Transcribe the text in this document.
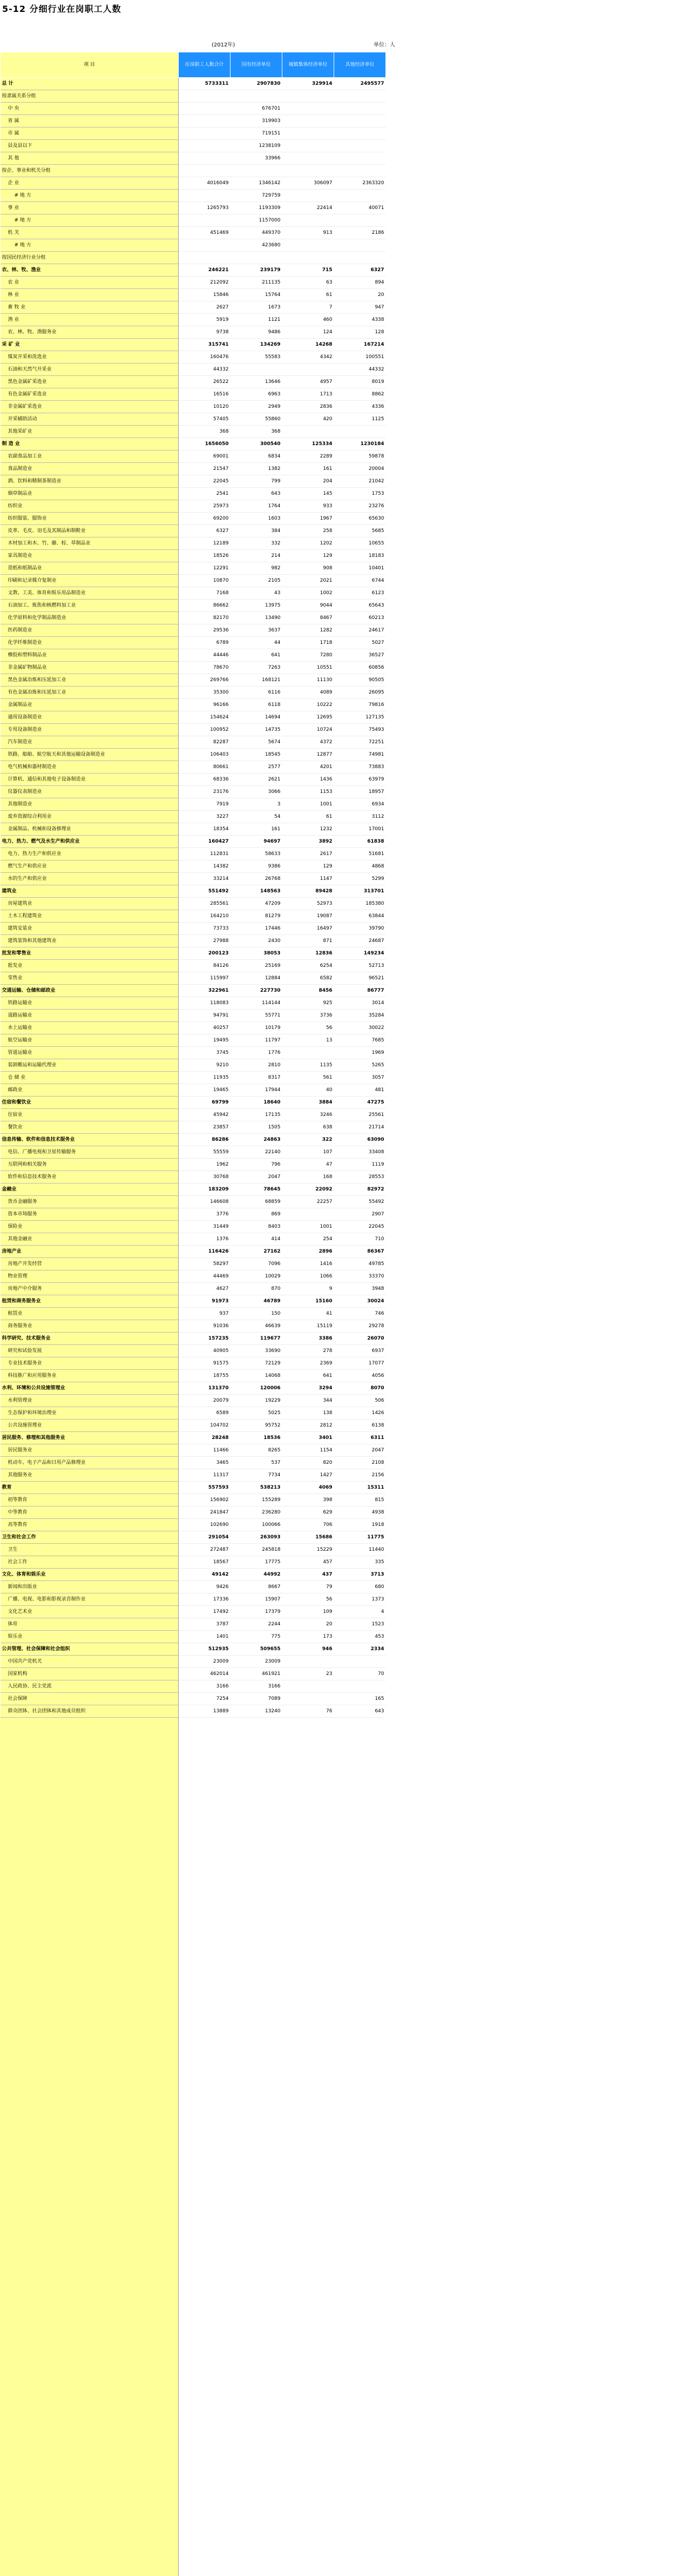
5-12 分细行业在岗职工人数
(2012年)	单位：人
项 目	在岗职工人数合计	国有经济单位	城镇集体经济单位	其他经济单位
总 计	5733311	2907830	329914	2495577
按隶属关系分组				
中 央		676701		
省 属		319903		
市 属		719151		
县及县以下		1238109		
其 他		33966		
按企、事业和机关分组				
企 业	4016049	1346142	306097	2363320
# 地 方		729759		
事 业	1265793	1193309	22414	40071
# 地 方		1157000		
机 关	451469	449370	913	2186
# 地 方		423680		
按国民经济行业分组				
农、林、牧、渔业	246221	239179	715	6327
农 业	212092	211135	63	894
林 业	15846	15764	61	20
畜 牧 业	2627	1673	7	947
渔 业	5919	1121	460	4338
农、林、牧、渔服务业	9738	9486	124	128
采 矿 业	315741	134269	14268	167214
煤炭开采和洗选业	160476	55583	4342	100551
石油和天然气开采业	44332			44332
黑色金属矿采选业	26522	13646	4957	8019
有色金属矿采选业	16516	6963	1713	8862
非金属矿采选业	10120	2949	2836	4336
开采辅助活动	57405	55860	420	1125
其他采矿业	368	368		
制 造 业	1656050	300540	125334	1230184
农副食品加工业	69001	6834	2289	59878
食品制造业	21547	1382	161	20004
酒、饮料和精制茶制造业	22045	799	204	21042
烟草制品业	2541	643	145	1753
纺织业	25973	1764	933	23276
纺织服装、服饰业	69200	1603	1967	65630
皮革、毛皮、羽毛及其制品和制鞋业	6327	384	258	5685
木材加工和木、竹、藤、棕、草制品业	12189	332	1202	10655
家具制造业	18526	214	129	18183
造纸和纸制品业	12291	982	908	10401
印刷和记录媒介复制业	10870	2105	2021	6744
文教、工美、体育和娱乐用品制造业	7168	43	1002	6123
石油加工、炼焦和核燃料加工业	86662	13975	9044	65643
化学原料和化学制品制造业	82170	13490	8467	60213
医药制造业	29536	3637	1282	24617
化学纤维制造业	6789	44	1718	5027
橡胶和塑料制品业	44446	641	7280	36527
非金属矿物制品业	78670	7263	10551	60856
黑色金属冶炼和压延加工业	269766	168121	11130	90505
有色金属冶炼和压延加工业	35300	6116	4089	26095
金属制品业	96166	6118	10222	79816
通用设备制造业	154624	14694	12695	127135
专用设备制造业	100952	14735	10724	75493
汽车制造业	82287	5674	4372	72251
铁路、船舶、航空航天和其他运输设备制造业	106403	18545	12877	74981
电气机械和器材制造业	80661	2577	4201	73883
计算机、通信和其他电子设备制造业	68336	2621	1436	63979
仪器仪表制造业	23176	3066	1153	18957
其他制造业	7919	3	1001	6934
废弃资源综合利用业	3227	54	61	3112
金属制品、机械和设备修理业	18354	161	1232	17001
电力、热力、燃气及水生产和供应业	160427	94697	3892	61838
电力、热力生产和供应业	112831	58633	2617	51681
燃气生产和供应业	14382	9386	129	4868
水的生产和供应业	33214	26768	1147	5299
建筑业	551492	148563	89428	313701
房屋建筑业	285561	47209	52973	185380
土木工程建筑业	164210	81279	19087	63844
建筑安装业	73733	17446	16497	39790
建筑装饰和其他建筑业	27988	2430	871	24687
批发和零售业	200123	38053	12836	149234
批发业	84126	25169	6254	52713
零售业	115997	12884	6582	96521
交通运输、仓储和邮政业	322961	227730	8456	86777
铁路运输业	118083	114144	925	3014
道路运输业	94791	55771	3736	35284
水上运输业	40257	10179	56	30022
航空运输业	19495	11797	13	7685
管道运输业	3745	1776		1969
装卸搬运和运输代理业	9210	2810	1135	5265
仓 储 业	11935	8317	561	3057
邮政业	19465	17944	40	481
住宿和餐饮业	69799	18640	3884	47275
住宿业	45942	17135	3246	25561
餐饮业	23857	1505	638	21714
信息传输、软件和信息技术服务业	86286	24863	322	63090
电信、广播电视和卫星传输服务	55559	22140	107	33408
互联网和相关服务	1962	796	47	1119
软件和信息技术服务业	30768	2047	168	28553
金融业	183209	78645	22092	82972
货币金融服务	146608	68859	22257	55492
资本市场服务	3776	869		2907
保险业	31449	8403	1001	22045
其他金融业	1376	414	254	710
房地产业	116426	27162	2896	86367
房地产开发经营	58297	7096	1416	49785
物业管理	44469	10029	1066	33370
房地产中介服务	4627	870	9	3948
租赁和商务服务业	91973	46789	15160	30024
租赁业	937	150	41	746
商务服务业	91036	46639	15119	29278
科学研究、技术服务业	157235	119677	3386	26070
研究和试验发展	40905	33690	278	6937
专业技术服务业	91575	72129	2369	17077
科技推广和应用服务业	18755	14068	641	4056
水利、环境和公共设施管理业	131370	120006	3294	8070
水利管理业	20079	19229	344	506
生态保护和环境治理业	6589	5025	138	1426
公共设施管理业	104702	95752	2812	6138
居民服务、修理和其他服务业	28248	18536	3401	6311
居民服务业	11466	8265	1154	2047
机动车、电子产品和日用产品修理业	3465	537	820	2108
其他服务业	11317	7734	1427	2156
教育	557593	538213	4069	15311
初等教育	156902	155289	398	815
中等教育	241847	236280	629	4938
高等教育	102690	100066	706	1918
卫生和社会工作	291054	263093	15686	11775
卫生	272487	245818	15229	11440
社会工作	18567	17775	457	335
文化、体育和娱乐业	49142	44992	437	3713
新闻和出版业	9426	8667	79	680
广播、电视、电影和影视录音制作业	17336	15907	56	1373
文化艺术业	17492	17379	109	4
体育	3787	2244	20	1523
娱乐业	1401	775	173	453
公共管理、社会保障和社会组织	512935	509655	946	2334
中国共产党机关	23009	23009		
国家机构	462014	461921	23	70
人民政协、民主党派	3166	3166		
社会保障	7254	7089		165
群众团体、社会团体和其他成员组织	13889	13240	76	643
